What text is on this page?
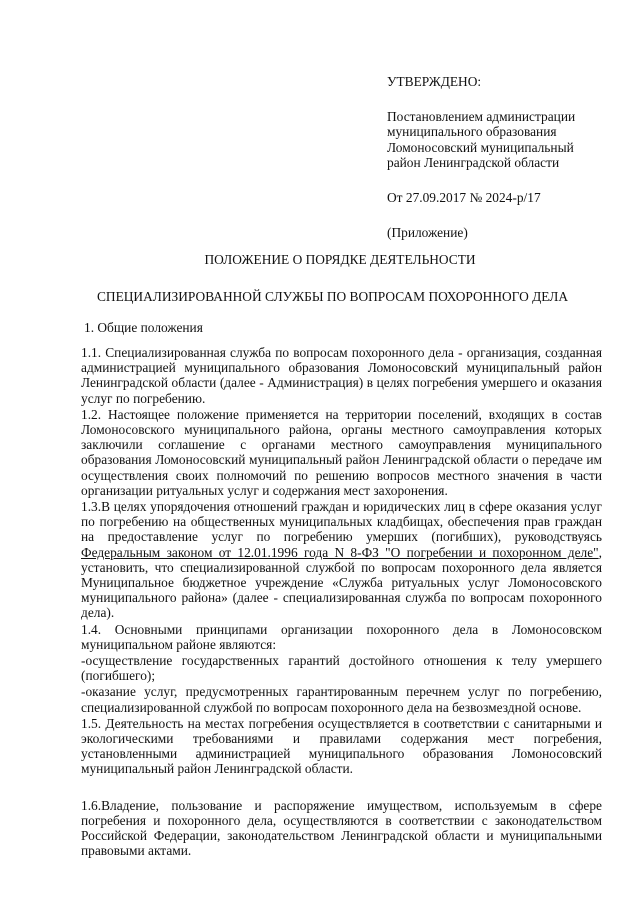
УТВЕРЖДЕНО:
Постановлением администрации
муниципального образования
Ломоносовский муниципальный
район Ленинградской области
От 27.09.2017 № 2024-р/17
(Приложение)
ПОЛОЖЕНИЕ О ПОРЯДКЕ ДЕЯТЕЛЬНОСТИ
СПЕЦИАЛИЗИРОВАННОЙ СЛУЖБЫ ПО ВОПРОСАМ ПОХОРОННОГО ДЕЛА
1. Общие положения

1.1. Специализированная служба по вопросам похоронного дела - организация, созданная администрацией муниципального образования Ломоносовский муниципальный район Ленинградской области (далее - Администрация) в целях погребения умершего и оказания услуг по погребению.

1.2. Настоящее положение применяется на территории поселений, входящих в состав Ломоносовского муниципального района, органы местного самоуправления которых заключили соглашение с органами местного самоуправления муниципального образования Ломоносовский муниципальный район Ленинградской области о передаче им осуществления своих полномочий по решению вопросов местного значения в части организации ритуальных услуг и содержания мест захоронения.

1.3.В целях упорядочения отношений граждан и юридических лиц в сфере оказания услуг по погребению на общественных муниципальных кладбищах, обеспечения прав граждан на предоставление услуг по погребению умерших (погибших), руководствуясь Федеральным законом от 12.01.1996 года N 8-ФЗ "О погребении и похоронном деле", установить, что специализированной службой по вопросам похоронного дела является Муниципальное бюджетное учреждение «Служба ритуальных услуг Ломоносовского муниципального района» (далее - специализированная служба по вопросам похоронного дела).

1.4. Основными принципами организации похоронного дела в Ломоносовском муниципальном районе являются:

-осуществление государственных гарантий достойного отношения к телу умершего (погибшего);

-оказание услуг, предусмотренных гарантированным перечнем услуг по погребению, специализированной службой по вопросам похоронного дела на безвозмездной основе.

1.5. Деятельность на местах погребения осуществляется в соответствии с санитарными и экологическими требованиями и правилами содержания мест погребения, установленными администрацией муниципального образования Ломоносовский муниципальный район Ленинградской области.

1.6.Владение, пользование и распоряжение имуществом, используемым в сфере погребения и похоронного дела, осуществляются в соответствии с законодательством Российской Федерации, законодательством Ленинградской области и муниципальными правовыми актами.
